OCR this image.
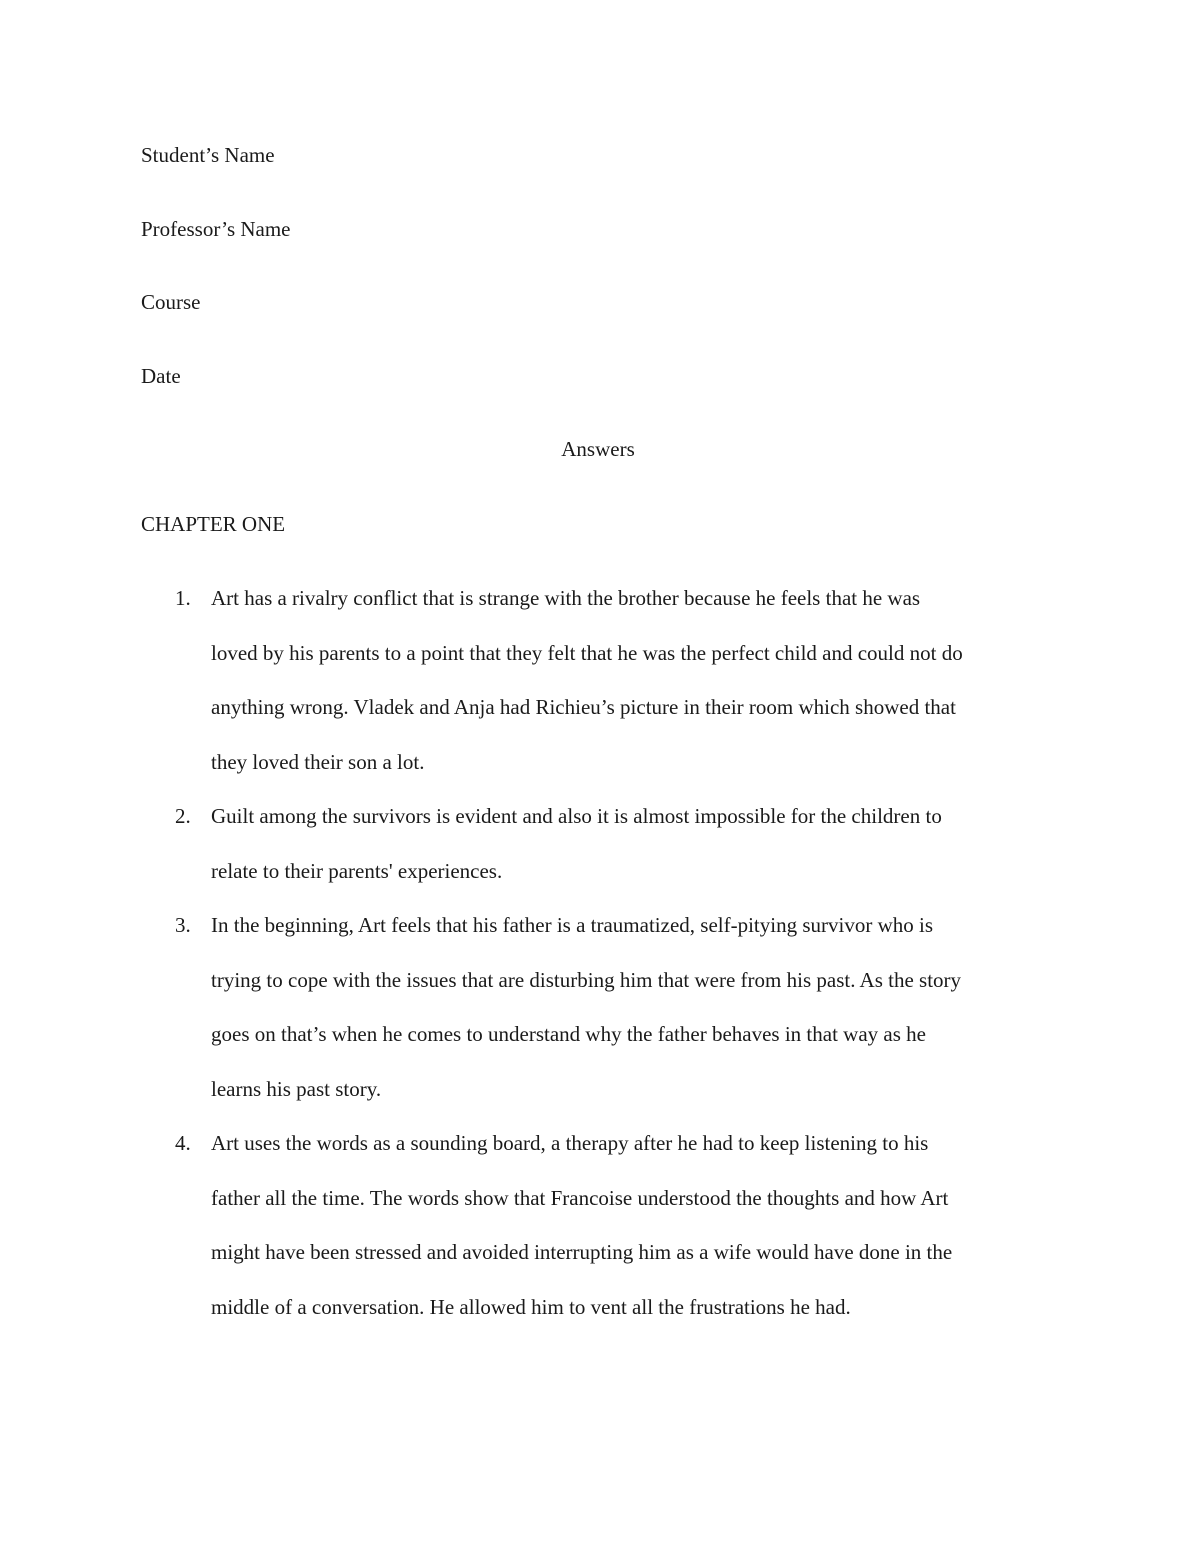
Student’s Name
Professor’s Name
Course
Date
Answers
CHAPTER ONE
1. Art has a rivalry conflict that is strange with the brother because he feels that he was
loved by his parents to a point that they felt that he was the perfect child and could not do
anything wrong. Vladek and Anja had Richieu’s picture in their room which showed that
they loved their son a lot.
2. Guilt among the survivors is evident and also it is almost impossible for the children to
relate to their parents' experiences.
3. In the beginning, Art feels that his father is a traumatized, self-pitying survivor who is
trying to cope with the issues that are disturbing him that were from his past. As the story
goes on that’s when he comes to understand why the father behaves in that way as he
learns his past story.
4. Art uses the words as a sounding board, a therapy after he had to keep listening to his
father all the time. The words show that Francoise understood the thoughts and how Art
might have been stressed and avoided interrupting him as a wife would have done in the
middle of a conversation. He allowed him to vent all the frustrations he had.
